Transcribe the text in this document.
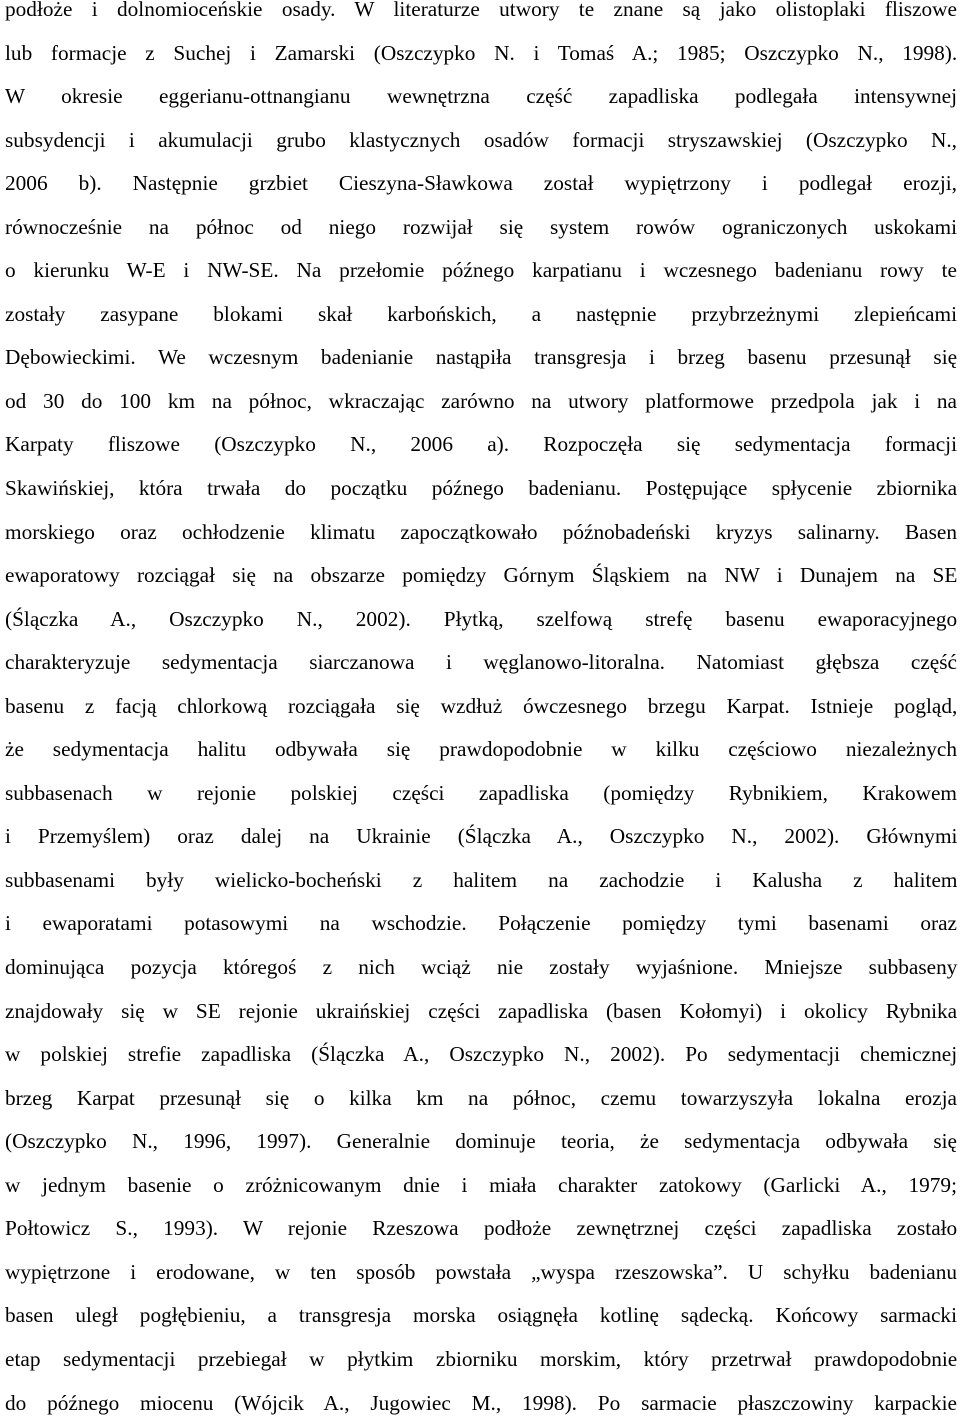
podłoże i dolnomioceńskie osady. W literaturze utwory te znane są jako olistoplaki fliszowe
lub formacje z Suchej i Zamarski (Oszczypko N. i Tomaś A.; 1985; Oszczypko N., 1998).
W okresie eggerianu-ottnangianu wewnętrzna część zapadliska podlegała intensywnej
subsydencji i akumulacji grubo klastycznych osadów formacji stryszawskiej (Oszczypko N.,
2006 b). Następnie grzbiet Cieszyna-Sławkowa został wypiętrzony i podlegał erozji,
równocześnie na północ od niego rozwijał się system rowów ograniczonych uskokami
o kierunku W-E i NW-SE. Na przełomie późnego karpatianu i wczesnego badenianu rowy te
zostały zasypane blokami skał karbońskich, a następnie przybrzeżnymi zlepieńcami
Dębowieckimi. We wczesnym badenianie nastąpiła transgresja i brzeg basenu przesunął się
od 30 do 100 km na północ, wkraczając zarówno na utwory platformowe przedpola jak i na
Karpaty fliszowe (Oszczypko N., 2006 a). Rozpoczęła się sedymentacja formacji
Skawińskiej, która trwała do początku późnego badenianu. Postępujące spłycenie zbiornika
morskiego oraz ochłodzenie klimatu zapoczątkowało późnobadeński kryzys salinarny. Basen
ewaporatowy rozciągał się na obszarze pomiędzy Górnym Śląskiem na NW i Dunajem na SE
(Ślączka A., Oszczypko N., 2002). Płytką, szelfową strefę basenu ewaporacyjnego
charakteryzuje sedymentacja siarczanowa i węglanowo-litoralna. Natomiast głębsza część
basenu z facją chlorkową rozciągała się wzdłuż ówczesnego brzegu Karpat. Istnieje pogląd,
że sedymentacja halitu odbywała się prawdopodobnie w kilku częściowo niezależnych
subbasenach w rejonie polskiej części zapadliska (pomiędzy Rybnikiem, Krakowem
i Przemyślem) oraz dalej na Ukrainie (Ślączka A., Oszczypko N., 2002). Głównymi
subbasenami były wielicko-bocheński z halitem na zachodzie i Kalusha z halitem
i ewaporatami potasowymi na wschodzie. Połączenie pomiędzy tymi basenami oraz
dominująca pozycja któregoś z nich wciąż nie zostały wyjaśnione. Mniejsze subbaseny
znajdowały się w SE rejonie ukraińskiej części zapadliska (basen Kołomyi) i okolicy Rybnika
w polskiej strefie zapadliska (Ślączka A., Oszczypko N., 2002). Po sedymentacji chemicznej
brzeg Karpat przesunął się o kilka km na północ, czemu towarzyszyła lokalna erozja
(Oszczypko N., 1996, 1997). Generalnie dominuje teoria, że sedymentacja odbywała się
w jednym basenie o zróżnicowanym dnie i miała charakter zatokowy (Garlicki A., 1979;
Połtowicz S., 1993). W rejonie Rzeszowa podłoże zewnętrznej części zapadliska zostało
wypiętrzone i erodowane, w ten sposób powstała „wyspa rzeszowska”. U schyłku badenianu
basen uległ pogłębieniu, a transgresja morska osiągnęła kotlinę sądecką. Końcowy sarmacki
etap sedymentacji przebiegał w płytkim zbiorniku morskim, który przetrwał prawdopodobnie
do późnego miocenu (Wójcik A., Jugowiec M., 1998). Po sarmacie płaszczowiny karpackie
